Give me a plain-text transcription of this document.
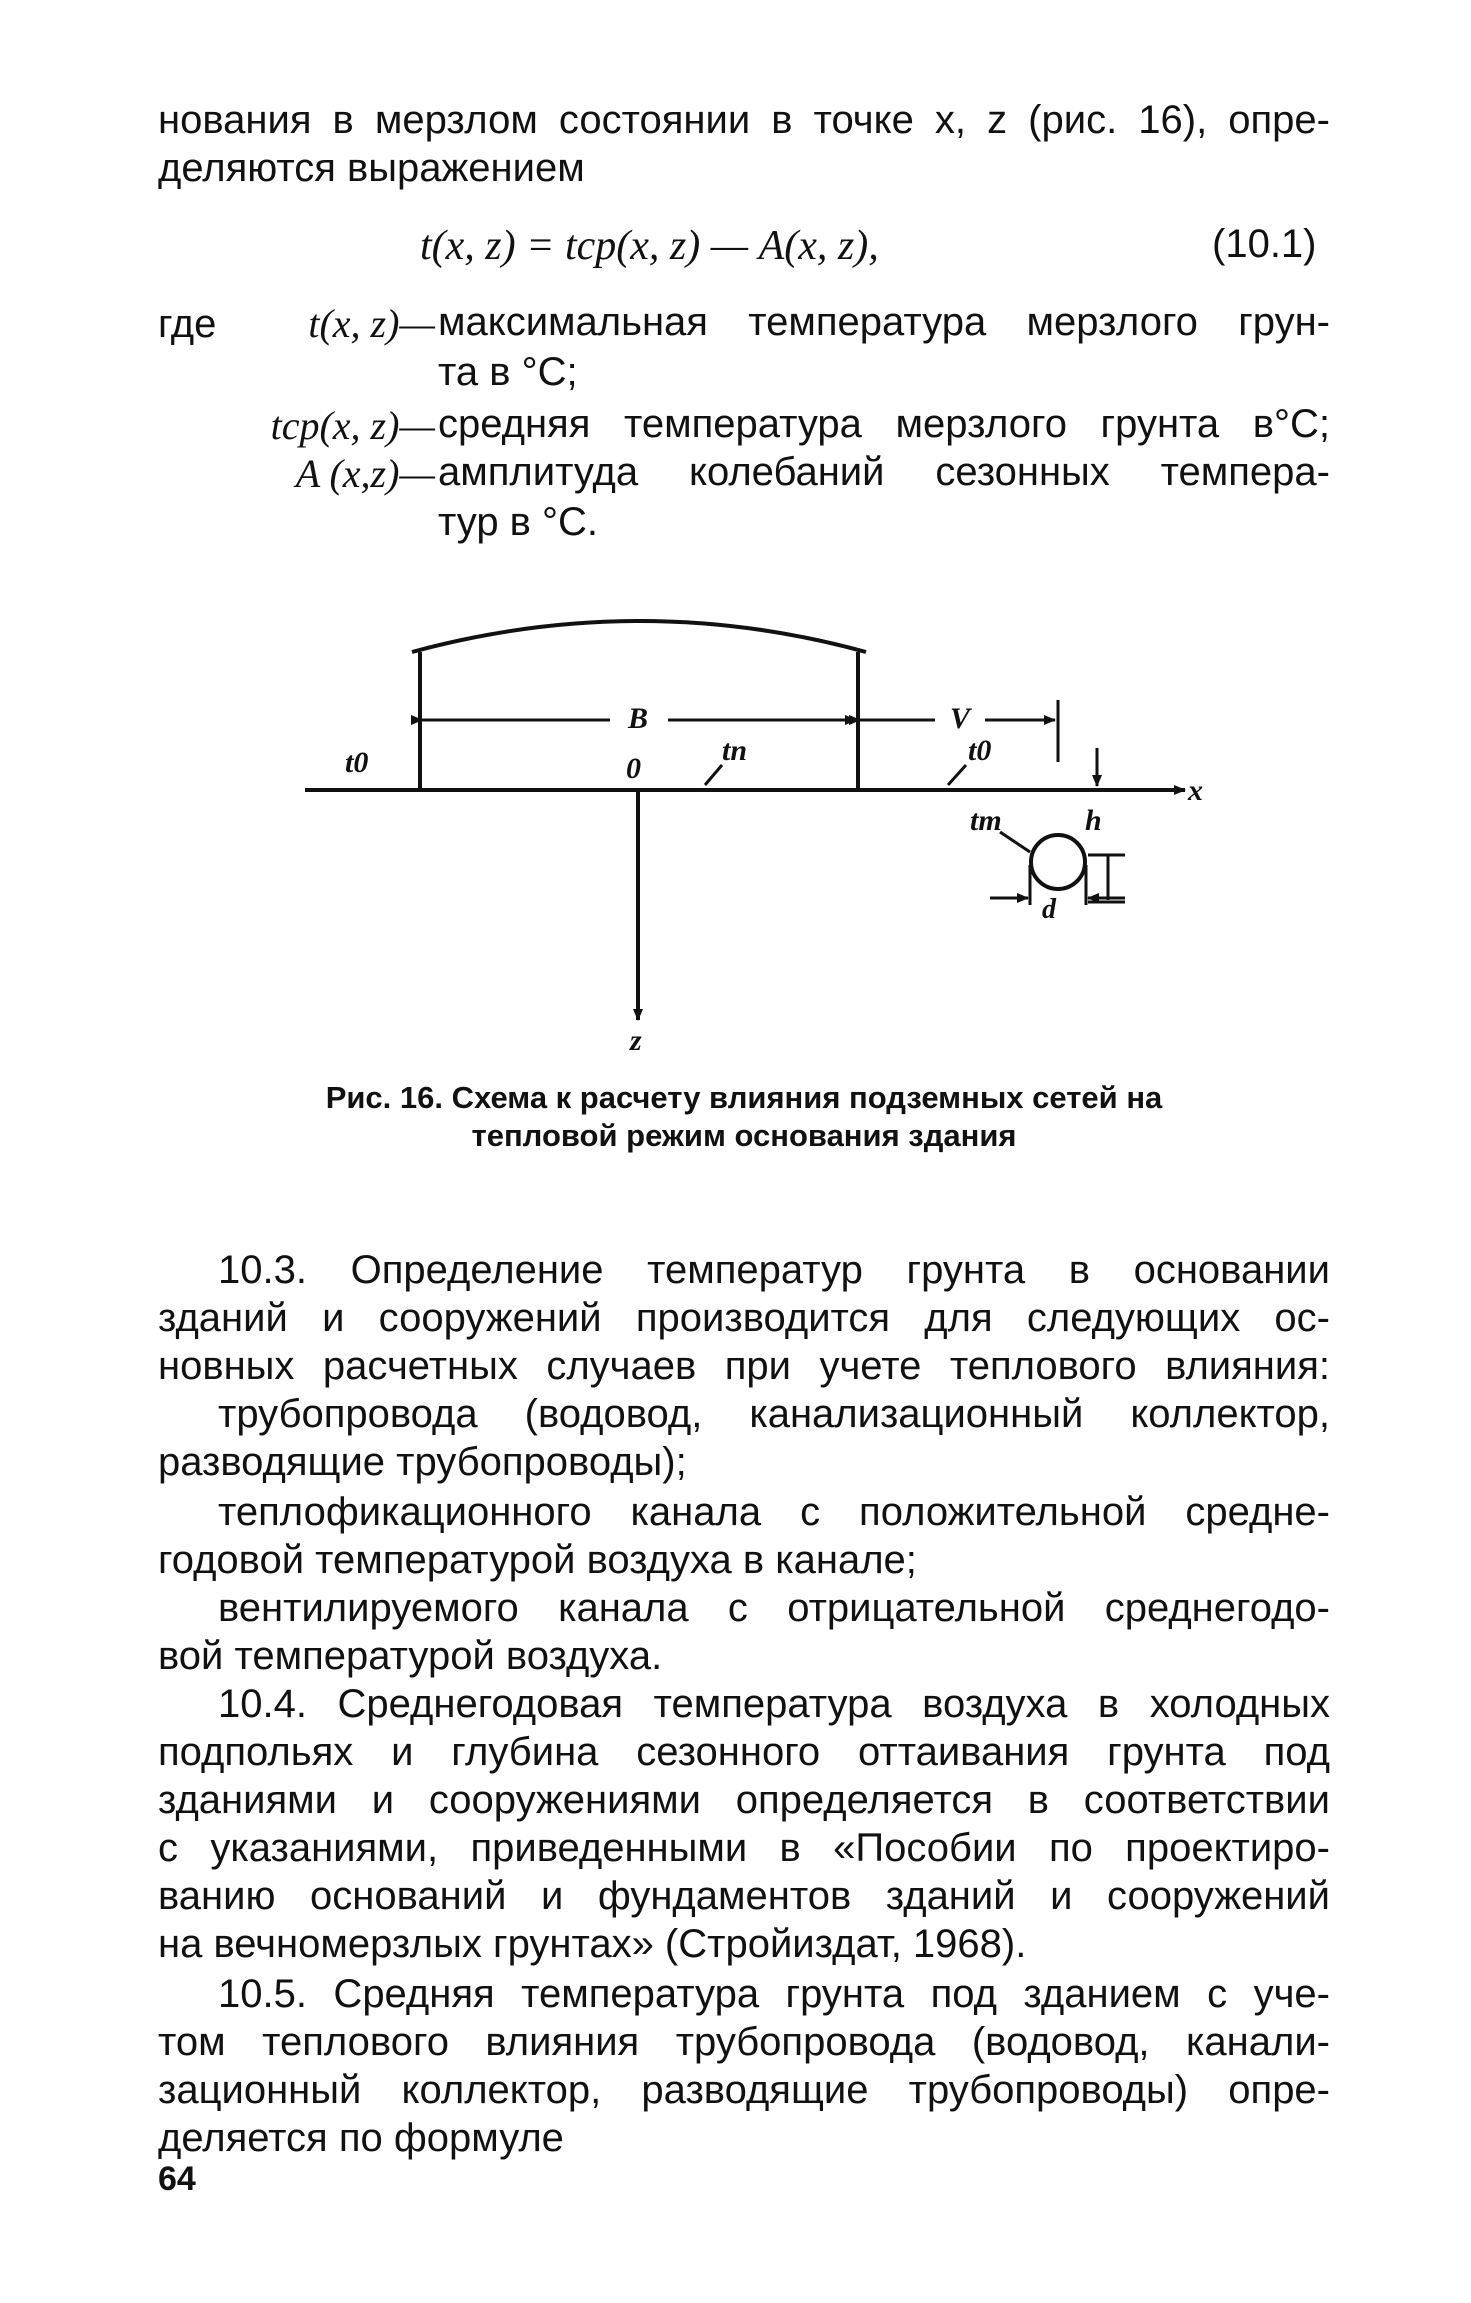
нования в мерзлом состоянии в точке x, z (рис. 16), опре-
деляются выражением
t(x, z) = tср(x, z) — A(x, z),	(10.1)
где	t(x, z)— максимальная температура мерзлого грун-
та в °С;
tср(x, z)— средняя температура мерзлого грунта в°С;
A (x,z)— амплитуда колебаний сезонных темпера-
тур в °С.
B	V
t0	0
tп	t0
x
tт	h
d
z
Рис. 16. Схема к расчету влияния подземных сетей на
тепловой режим основания здания
10.3. Определение температур грунта в основании
зданий и сооружений производится для следующих ос-
новных расчетных случаев при учете теплового влияния:
трубопровода (водовод, канализационный коллектор,
разводящие трубопроводы);
теплофикационного канала с положительной средне-
годовой температурой воздуха в канале;
вентилируемого канала с отрицательной среднегодо-
вой температурой воздуха.
10.4. Среднегодовая температура воздуха в холодных
подпольях и глубина сезонного оттаивания грунта под
зданиями и сооружениями определяется в соответствии
с указаниями, приведенными в «Пособии по проектиро-
ванию оснований и фундаментов зданий и сооружений
на вечномерзлых грунтах» (Стройиздат, 1968).
10.5. Средняя температура грунта под зданием с уче-
том теплового влияния трубопровода (водовод, канали-
зационный коллектор, разводящие трубопроводы) опре-
деляется по формуле
64
